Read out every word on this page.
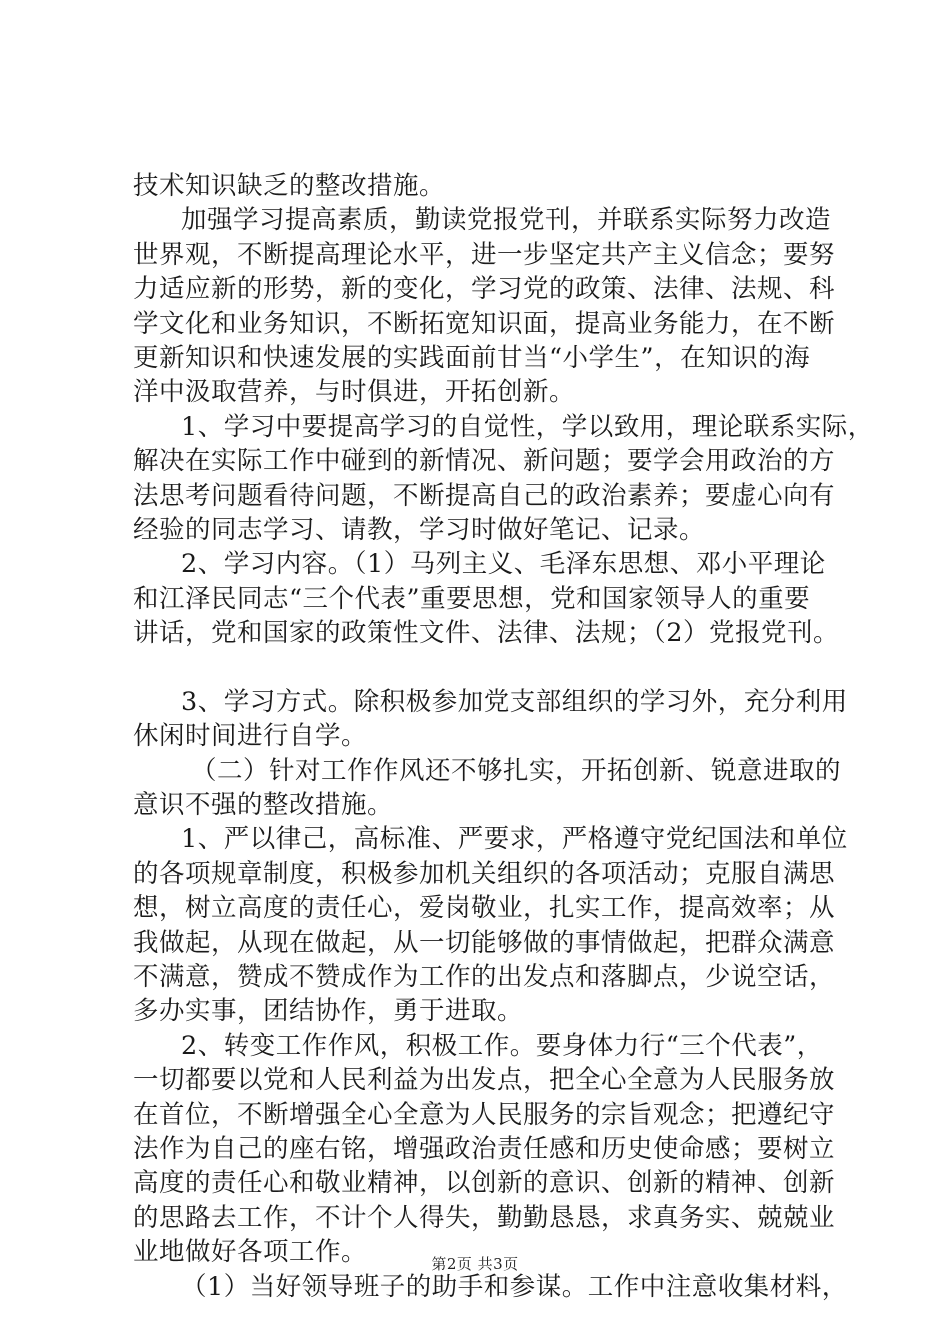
技术知识缺乏的整改措施。
加强学习提高素质，勤读党报党刊，并联系实际努力改造
世界观，不断提高理论水平，进一步坚定共产主义信念；要努
力适应新的形势，新的变化，学习党的政策、法律、法规、科
学文化和业务知识，不断拓宽知识面，提高业务能力，在不断
更新知识和快速发展的实践面前甘当“小学生”，在知识的海
洋中汲取营养，与时俱进，开拓创新。
1、学习中要提高学习的自觉性，学以致用，理论联系实际，
解决在实际工作中碰到的新情况、新问题；要学会用政治的方
法思考问题看待问题，不断提高自己的政治素养；要虚心向有
经验的同志学习、请教，学习时做好笔记、记录。
2、学习内容。（1）马列主义、毛泽东思想、邓小平理论
和江泽民同志“三个代表”重要思想，党和国家领导人的重要
讲话，党和国家的政策性文件、法律、法规；（2）党报党刊。
3、学习方式。除积极参加党支部组织的学习外，充分利用
休闲时间进行自学。
（二）针对工作作风还不够扎实，开拓创新、锐意进取的
意识不强的整改措施。
1、严以律己，高标准、严要求，严格遵守党纪国法和单位
的各项规章制度，积极参加机关组织的各项活动；克服自满思
想，树立高度的责任心，爱岗敬业，扎实工作，提高效率；从
我做起，从现在做起，从一切能够做的事情做起，把群众满意
不满意，赞成不赞成作为工作的出发点和落脚点，少说空话，
多办实事，团结协作，勇于进取。
2、转变工作作风，积极工作。要身体力行“三个代表”，
一切都要以党和人民利益为出发点，把全心全意为人民服务放
在首位，不断增强全心全意为人民服务的宗旨观念；把遵纪守
法作为自己的座右铭，增强政治责任感和历史使命感；要树立
高度的责任心和敬业精神，以创新的意识、创新的精神、创新
的思路去工作，不计个人得失，勤勤恳恳，求真务实、兢兢业
业地做好各项工作。
（1）当好领导班子的助手和参谋。工作中注意收集材料，
第2页 共3页
